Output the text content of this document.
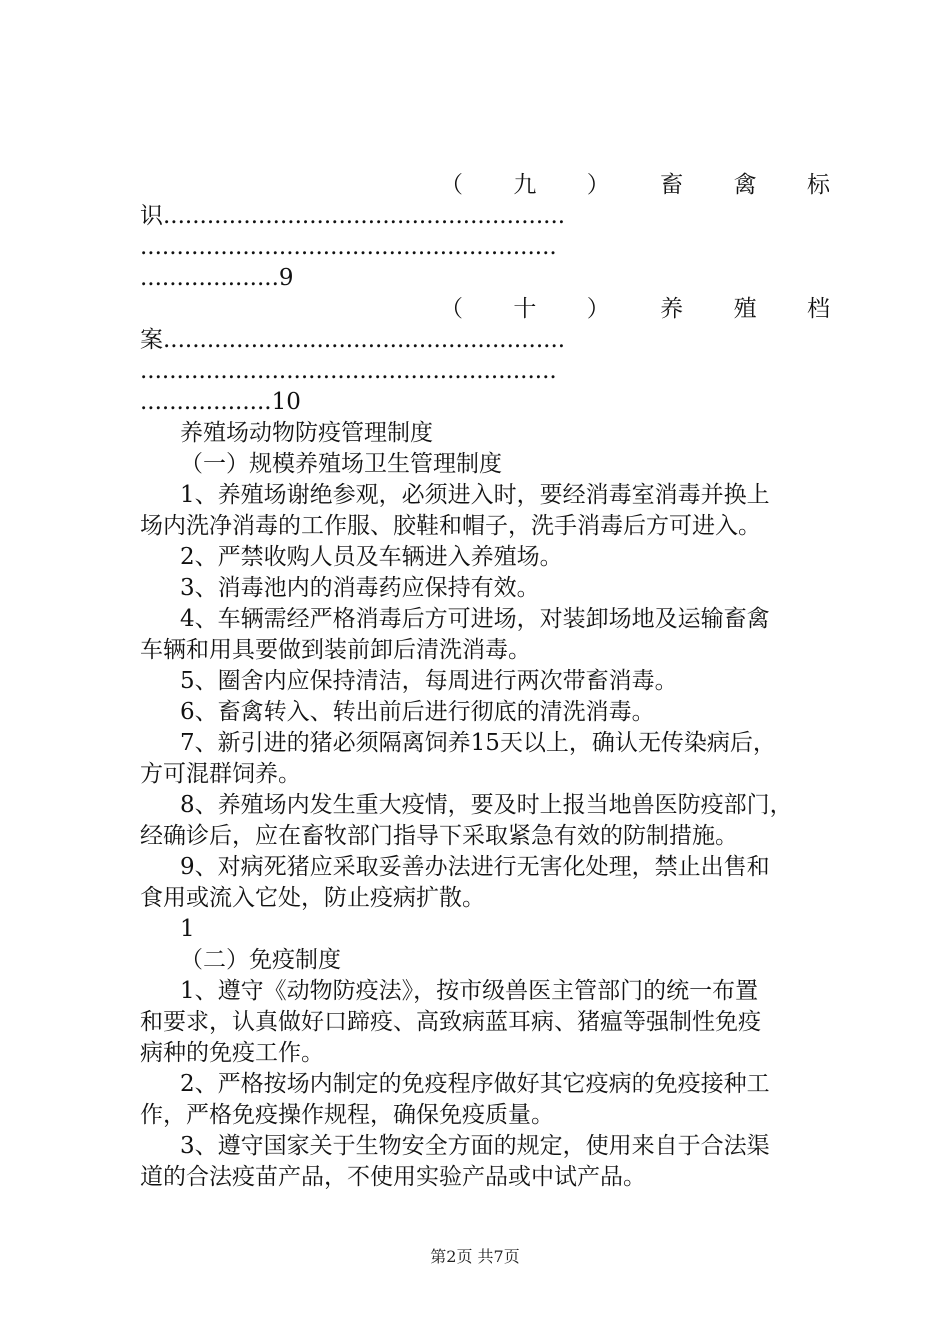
（ 九 ） 畜 禽 标
识.......................................................
.........................................................
...................9
（ 十 ） 养 殖 档
案.......................................................
.........................................................
..................10
养殖场动物防疫管理制度
（一）规模养殖场卫生管理制度
1、养殖场谢绝参观，必须进入时，要经消毒室消毒并换上
场内洗净消毒的工作服、胶鞋和帽子，洗手消毒后方可进入。
2、严禁收购人员及车辆进入养殖场。
3、消毒池内的消毒药应保持有效。
4、车辆需经严格消毒后方可进场，对装卸场地及运输畜禽
车辆和用具要做到装前卸后清洗消毒。
5、圈舍内应保持清洁，每周进行两次带畜消毒。
6、畜禽转入、转出前后进行彻底的清洗消毒。
7、新引进的猪必须隔离饲养15天以上，确认无传染病后，
方可混群饲养。
8、养殖场内发生重大疫情，要及时上报当地兽医防疫部门，
经确诊后，应在畜牧部门指导下采取紧急有效的防制措施。
9、对病死猪应采取妥善办法进行无害化处理，禁止出售和
食用或流入它处，防止疫病扩散。
1
（二）免疫制度
1、遵守《动物防疫法》，按市级兽医主管部门的统一布置
和要求，认真做好口蹄疫、高致病蓝耳病、猪瘟等强制性免疫
病种的免疫工作。
2、严格按场内制定的免疫程序做好其它疫病的免疫接种工
作，严格免疫操作规程，确保免疫质量。
3、遵守国家关于生物安全方面的规定，使用来自于合法渠
道的合法疫苗产品，不使用实验产品或中试产品。
第2页 共7页
